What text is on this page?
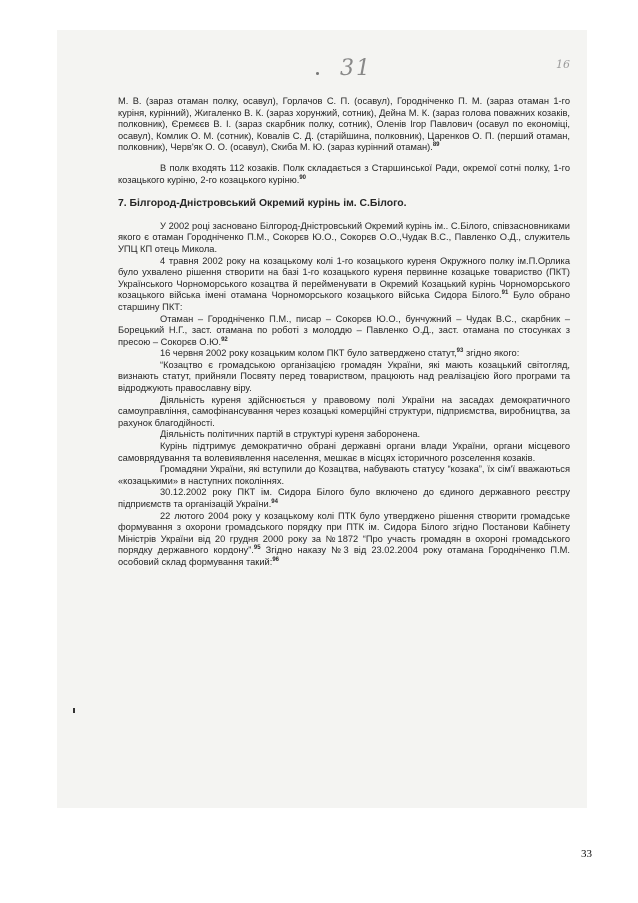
31	16

М. В. (зараз отаман полку, осавул), Горлачов С. П. (осавул), Городніченко П. М. (зараз отаман 1-го куріня, курінний), Жигаленко В. К. (зараз хорунжий, сотник), Дейна М. К. (зараз голова поважних козаків, полковник), Єремєєв В. І. (зараз скарбник полку, сотник), Оленів Ігор Павлович (осавул по економіці, осавул), Комлик О. М. (сотник), Ковалів С. Д. (старійшина, полковник), Царенков О. П. (перший отаман, полковник), Черв'як О. О. (осавул), Скиба М. Ю. (зараз курінний отаман).$^{89}$

В полк входять 112 козаків. Полк складається з Старшинської Ради, окремої сотні полку, 1-го козацького куріню, 2-го козацького куріню.$^{90}$

7. Білгород-Дністровський Окремий курінь ім. С.Білого.

У 2002 році засновано Білгород-Дністровський Окремий курінь ім.. С.Білого, співзасновниками якого є отаман Городніченко П.М., Сокорєв Ю.О., Сокорєв О.О.,Чудак В.С., Павленко О.Д., служитель УПЦ КП отець Микола.

4 травня 2002 року на козацькому колі 1-го козацького куреня Окружного полку ім.П.Орлика було ухвалено рішення створити на базі 1-го козацького куреня первинне козацьке товариство (ПКТ) Українського Чорноморського козацтва й перейменувати в Окремий Козацький курінь Чорноморського козацького війська імені отамана Чорноморського козацького війська Сидора Білого.$^{91}$ Було обрано старшину ПКТ:

Отаман – Городніченко П.М., писар – Сокорєв Ю.О., бунчужний – Чудак В.С., скарбник – Борецький Н.Г., заст. отамана по роботі з молоддю – Павленко О.Д., заст. отамана по стосунках з пресою – Сокорєв О.Ю.$^{92}$

16 червня 2002 року козацьким колом ПКТ було затверджено статут,$^{93}$ згідно якого:

“Козацтво є громадською організацією громадян України, які мають козацький світогляд, визнають статут, прийняли Посвяту перед товариством, працюють над реалізацією його програми та відроджують православну віру.

Діяльність куреня здійснюється у правовому полі України на засадах демократичного самоуправління, самофінансування через козацькі комерційні структури, підприємства, виробництва, за рахунок благодійності.

Діяльність політичних партій в структурі куреня заборонена.

Курінь підтримує демократично обрані державні органи влади України, органи місцевого самоврядування та волевиявлення населення, мешкає в місцях історичного розселення козаків.

Громадяни України, які вступили до Козацтва, набувають статусу “козака”, їх сім'ї вважаються «козацькими» в наступних поколіннях.

30.12.2002 року ПКТ ім. Сидора Білого було включено до єдиного державного реєстру підприємств та організацій України.$^{94}$

22 лютого 2004 року у козацькому колі ПТК було утверджено рішення створити громадське формування з охорони громадського порядку при ПТК ім. Сидора Білого згідно Постанови Кабінету Міністрів України від 20 грудня 2000 року за №1872 “Про участь громадян в охороні громадського порядку державного кордону”.$^{95}$ Згідно наказу №3 від 23.02.2004 року отамана Городніченко П.М. особовий склад формування такий:$^{96}$

33
